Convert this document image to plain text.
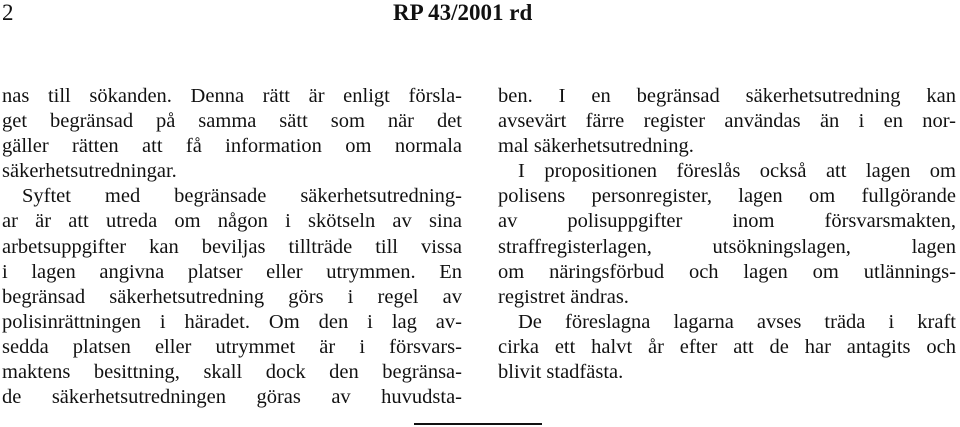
2	RP 43/2001 rd
nas till sökanden. Denna rätt är enligt försla-
get begränsad på samma sätt som när det
gäller rätten att få information om normala
säkerhetsutredningar.
Syftet med begränsade säkerhetsutredning-
ar är att utreda om någon i skötseln av sina
arbetsuppgifter kan beviljas tillträde till vissa
i lagen angivna platser eller utrymmen. En
begränsad säkerhetsutredning görs i regel av
polisinrättningen i häradet. Om den i lag av-
sedda platsen eller utrymmet är i försvars-
maktens besittning, skall dock den begränsa-
de säkerhetsutredningen göras av huvudsta-
ben. I en begränsad säkerhetsutredning kan
avsevärt färre register användas än i en nor-
mal säkerhetsutredning.
I propositionen föreslås också att lagen om
polisens personregister, lagen om fullgörande
av polisuppgifter inom försvarsmakten,
straffregisterlagen, utsökningslagen, lagen
om näringsförbud och lagen om utlännings-
registret ändras.
De föreslagna lagarna avses träda i kraft
cirka ett halvt år efter att de har antagits och
blivit stadfästa.
